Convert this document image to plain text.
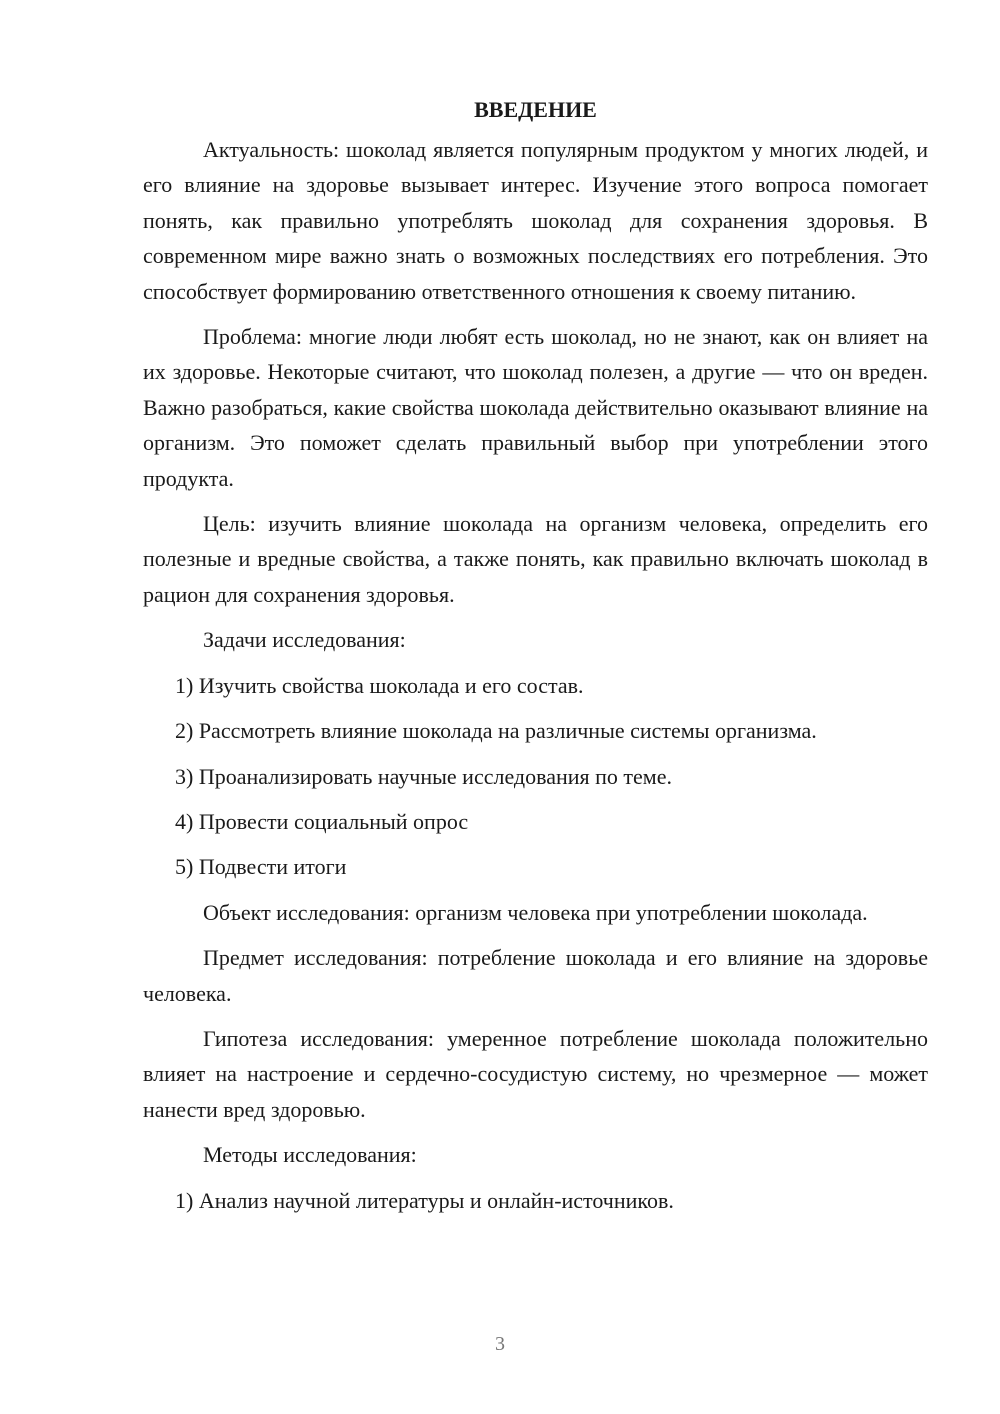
ВВЕДЕНИЕ

Актуальность: шоколад является популярным продуктом у многих людей, и его влияние на здоровье вызывает интерес. Изучение этого вопроса помогает понять, как правильно употреблять шоколад для сохранения здоровья. В современном мире важно знать о возможных последствиях его потребления. Это способствует формированию ответственного отношения к своему питанию.

Проблема: многие люди любят есть шоколад, но не знают, как он влияет на их здоровье. Некоторые считают, что шоколад полезен, а другие — что он вреден. Важно разобраться, какие свойства шоколада действительно оказывают влияние на организм. Это поможет сделать правильный выбор при употреблении этого продукта.

Цель: изучить влияние шоколада на организм человека, определить его полезные и вредные свойства, а также понять, как правильно включать шоколад в рацион для сохранения здоровья.

Задачи исследования:

1) Изучить свойства шоколада и его состав.

2) Рассмотреть влияние шоколада на различные системы организма.

3) Проанализировать научные исследования по теме.

4) Провести социальный опрос

5) Подвести итоги

Объект исследования: организм человека при употреблении шоколада.

Предмет исследования: потребление шоколада и его влияние на здоровье человека.

Гипотеза исследования: умеренное потребление шоколада положительно влияет на настроение и сердечно-сосудистую систему, но чрезмерное — может нанести вред здоровью.

Методы исследования:

1) Анализ научной литературы и онлайн-источников.

3
